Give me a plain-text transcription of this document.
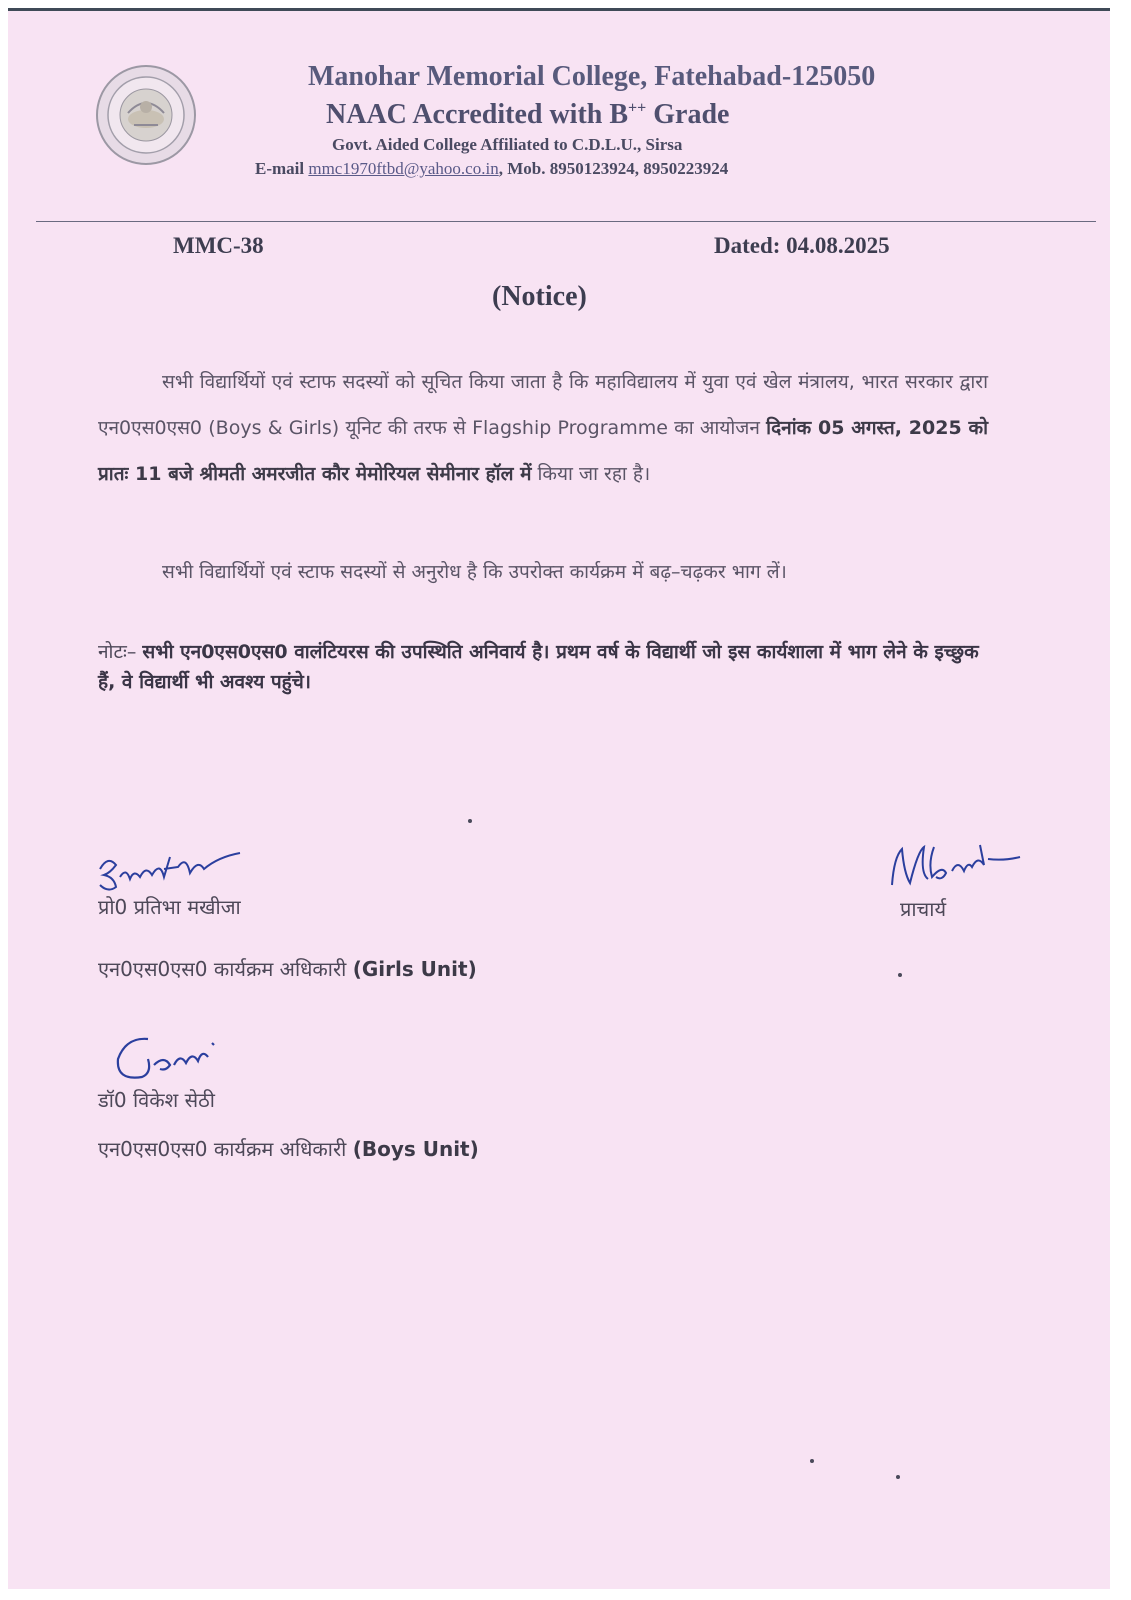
Manohar Memorial College, Fatehabad-125050
NAAC Accredited with B++ Grade
Govt. Aided College Affiliated to C.D.L.U., Sirsa
E-mail mmc1970ftbd@yahoo.co.in, Mob. 8950123924, 8950223924
MMC-38	Dated: 04.08.2025
(Notice)
सभी विद्यार्थियों एवं स्टाफ सदस्यों को सूचित किया जाता है कि महाविद्यालय में युवा एवं खेल मंत्रालय, भारत सरकार द्वारा एन0एस0एस0 (Boys & Girls) यूनिट की तरफ से Flagship Programme का आयोजन दिनांक 05 अगस्त, 2025 को प्रातः 11 बजे श्रीमती अमरजीत कौर मेमोरियल सेमीनार हॉल में किया जा रहा है।
सभी विद्यार्थियों एवं स्टाफ सदस्यों से अनुरोध है कि उपरोक्त कार्यक्रम में बढ़–चढ़कर भाग लें।
नोटः– सभी एन0एस0एस0 वालंटियरस की उपस्थिति अनिवार्य है। प्रथम वर्ष के विद्यार्थी जो इस कार्यशाला में भाग लेने के इच्छुक हैं, वे विद्यार्थी भी अवश्य पहुंचे।
प्रो0 प्रतिभा मखीजा
एन0एस0एस0 कार्यक्रम अधिकारी (Girls Unit)
डॉ0 विकेश सेठी
एन0एस0एस0 कार्यक्रम अधिकारी (Boys Unit)
प्राचार्य
